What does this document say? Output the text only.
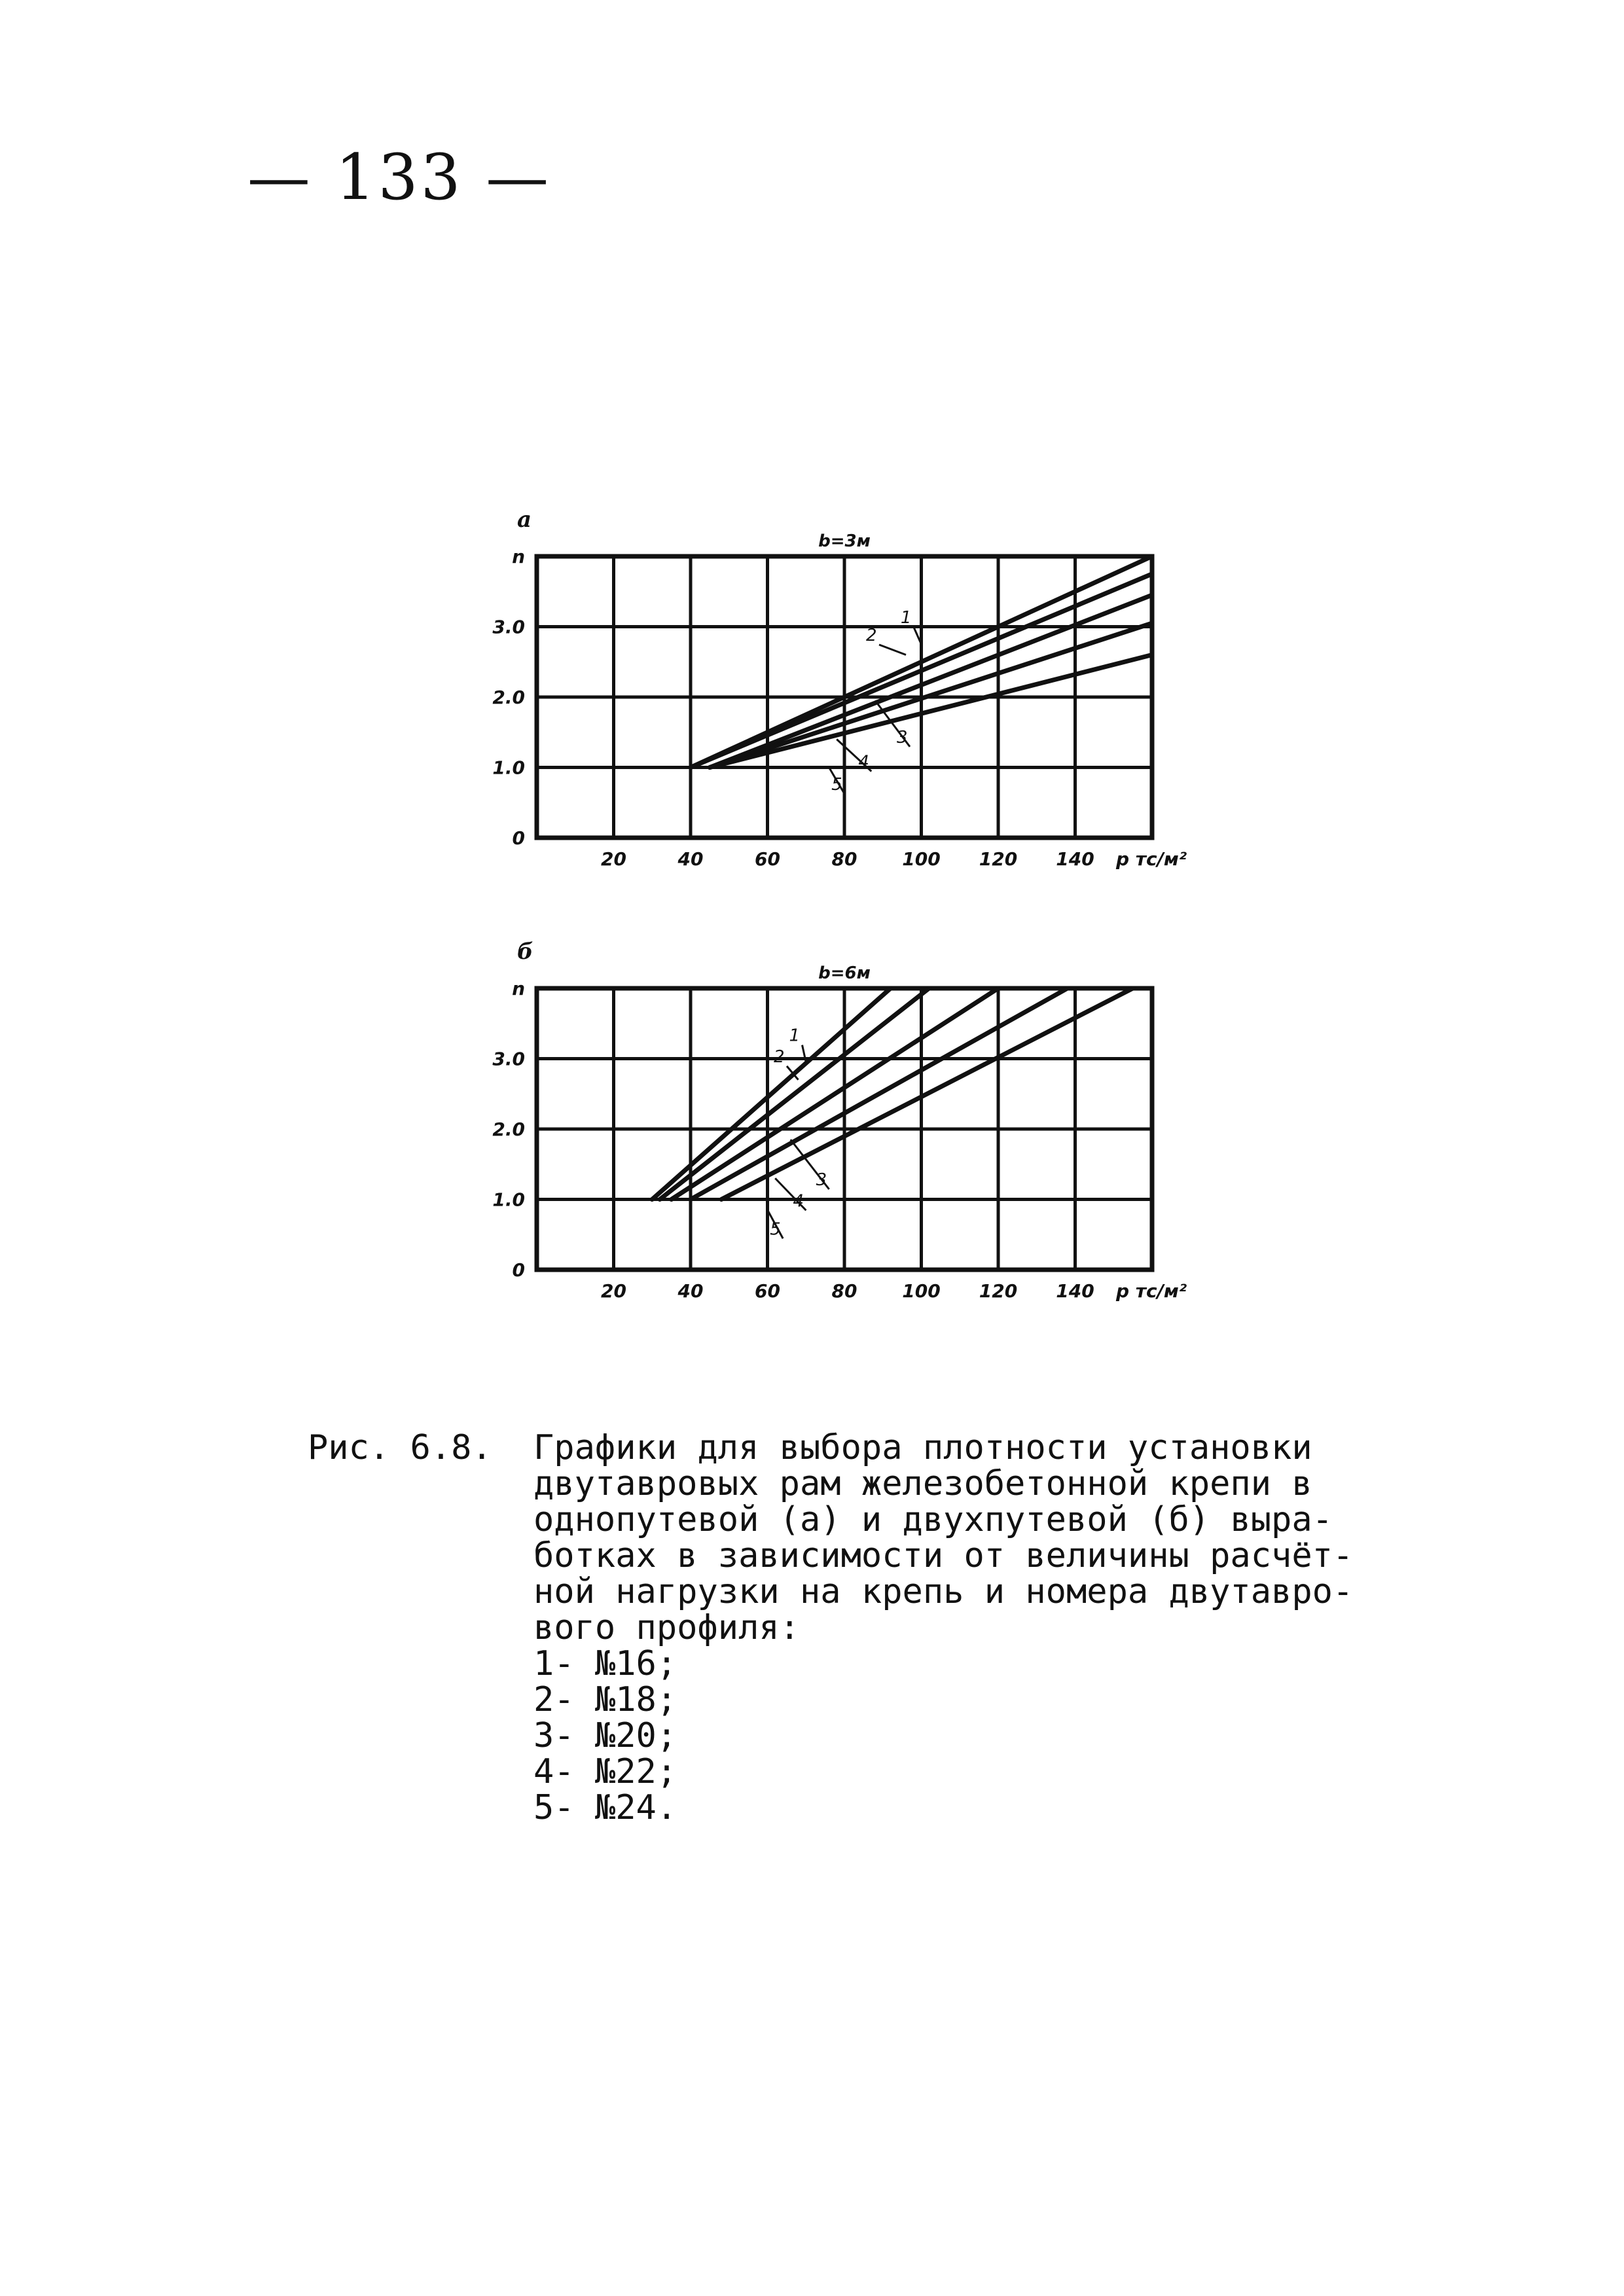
— 133 —
а
b=3м
20	40	60	80 100 120 140 p тс/м²
0
1.0
2.0
3.0
n
1
2
3
4
5
б
b=6м
20	40	60	80 100 120 140 p тс/м²
0
1.0
2.0
3.0
n
1
2
3
4
5
Рис. 6.8. Графики для выбора плотности установки
двутавровых рам железобетонной крепи в
однопутевой (а) и двухпутевой (б) выра-
ботках в зависимости от величины расчёт-
ной нагрузки на крепь и номера двутавро-
вого профиля:
1- №16;
2- №18;
3- №20;
4- №22;
5- №24.
